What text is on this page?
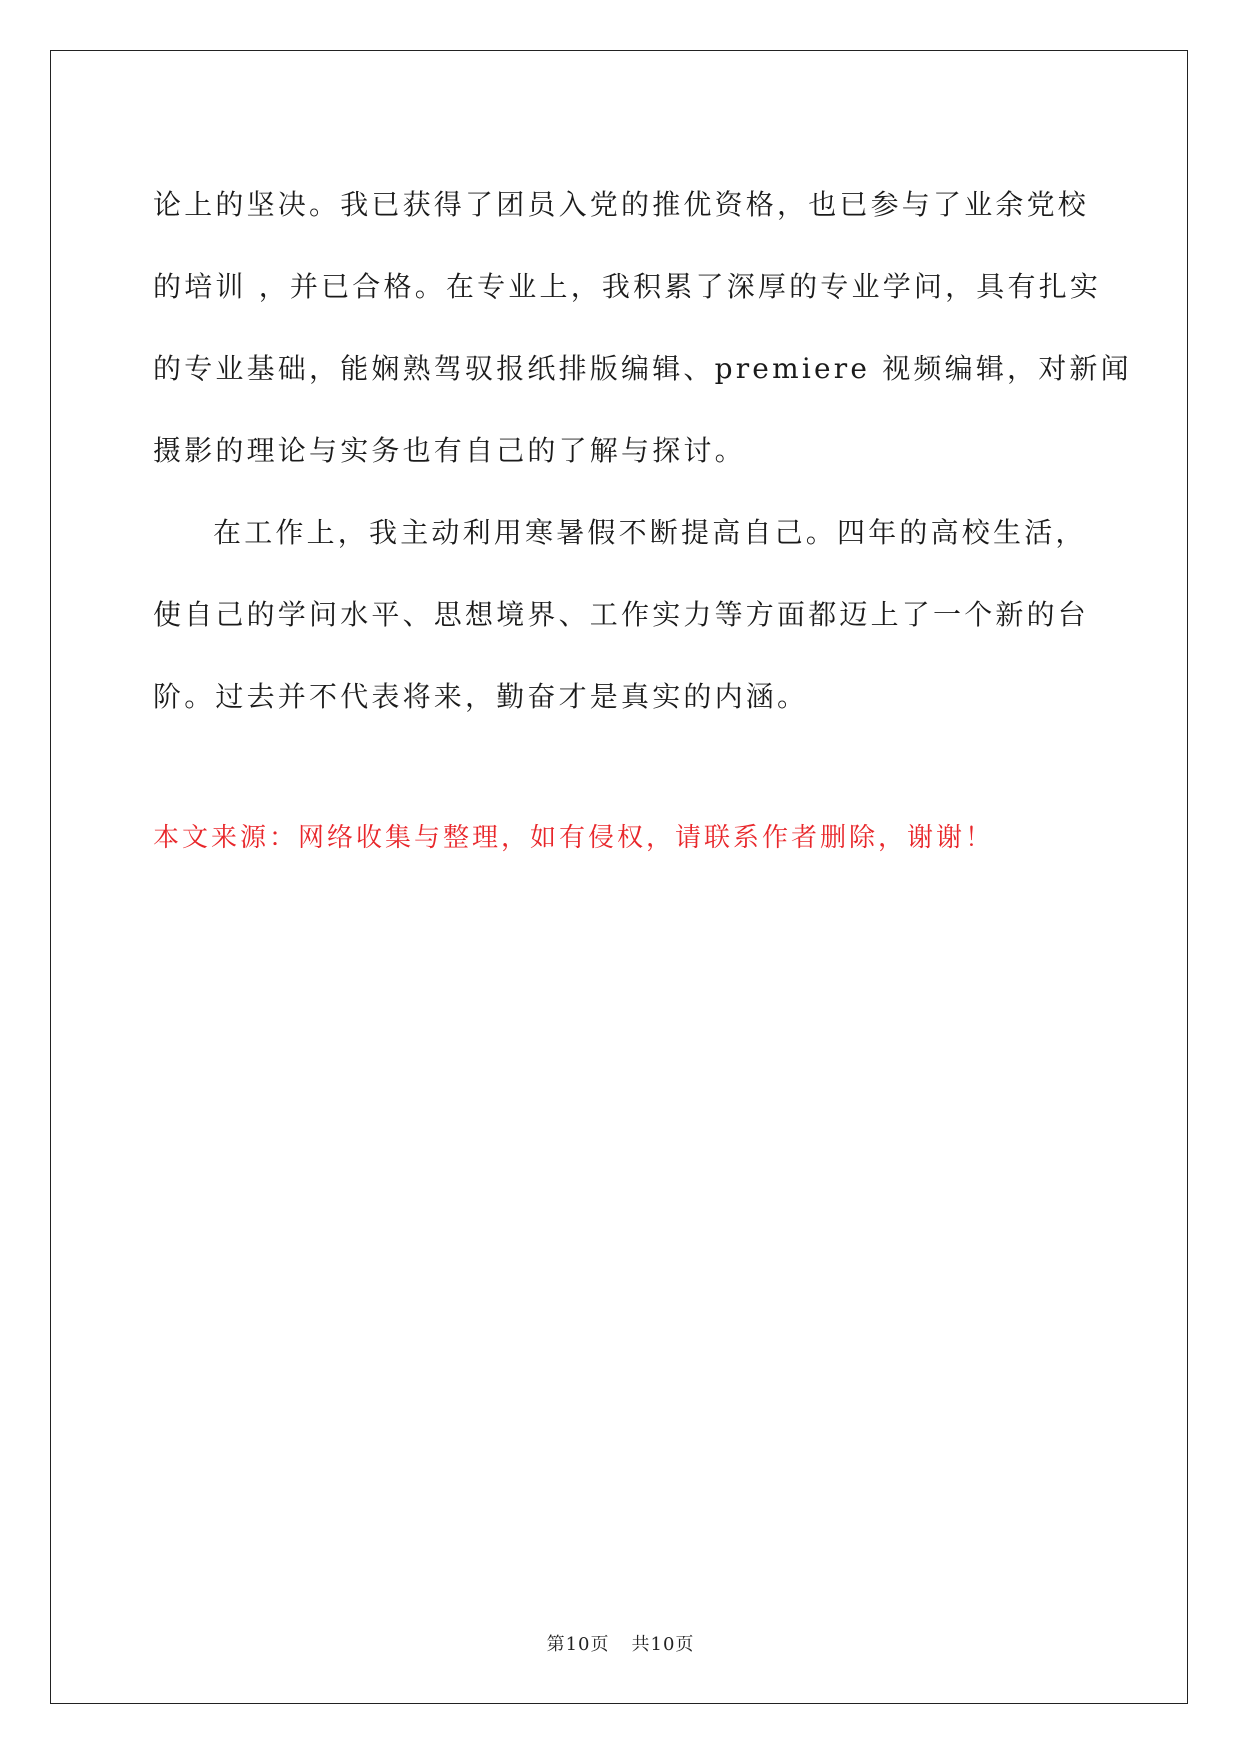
论上的坚决。我已获得了团员入党的推优资格，也已参与了业余党校
的培训 ，并已合格。在专业上，我积累了深厚的专业学问，具有扎实
的专业基础，能娴熟驾驭报纸排版编辑、premiere 视频编辑，对新闻
摄影的理论与实务也有自己的了解与探讨。
在工作上，我主动利用寒暑假不断提高自己。四年的高校生活，
使自己的学问水平、思想境界、工作实力等方面都迈上了一个新的台
阶。过去并不代表将来，勤奋才是真实的内涵。
本文来源：网络收集与整理，如有侵权，请联系作者删除，谢谢！
第10页 共10页
